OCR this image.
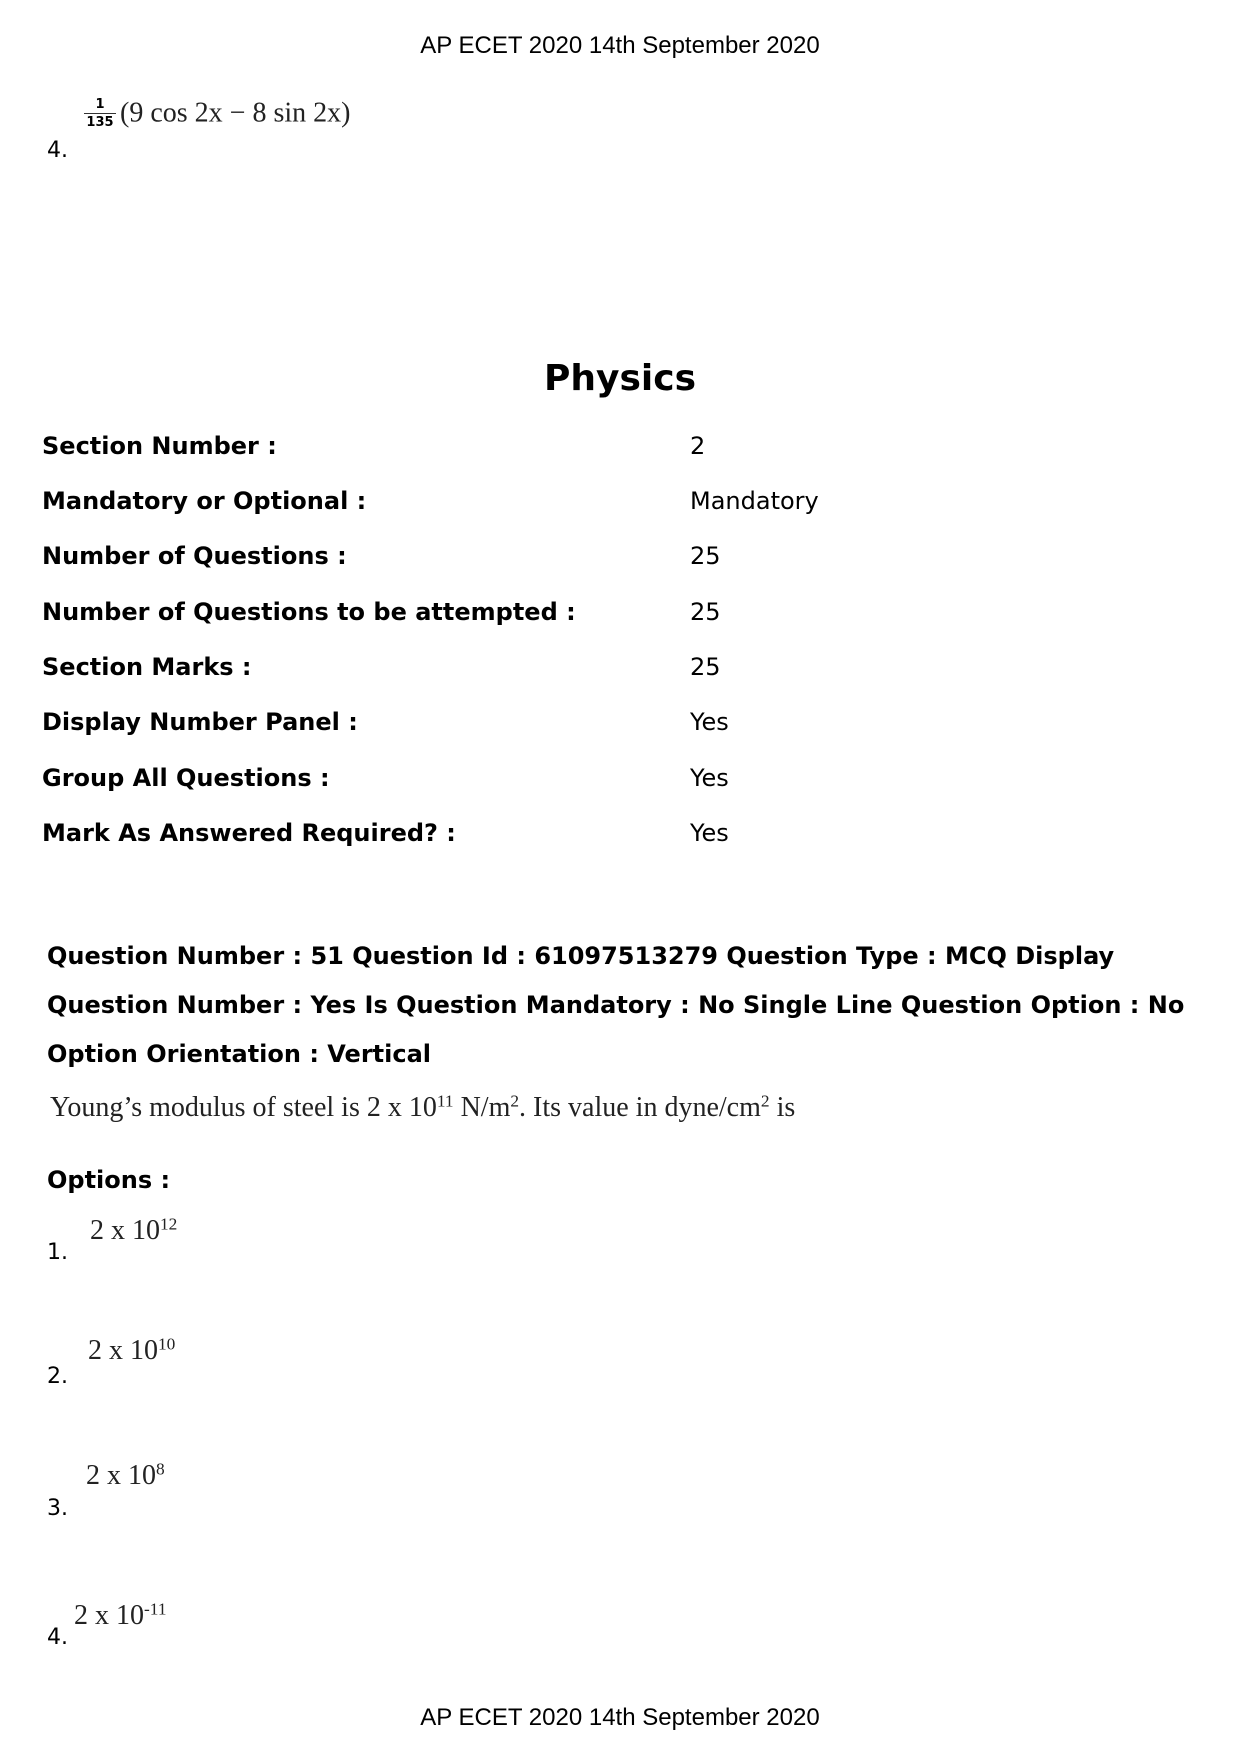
AP ECET 2020 14th September 2020
4.
$\frac{1}{135} (9$ cos 2x − 8 sin 2x)
Physics
Section Number :	2
Mandatory or Optional :	Mandatory
Number of Questions :	25
Number of Questions to be attempted :	25
Section Marks :	25
Display Number Panel :	Yes
Group All Questions :	Yes
Mark As Answered Required? :	Yes
Question Number : 51 Question Id : 61097513279 Question Type : MCQ Display Question Number : Yes Is Question Mandatory : No Single Line Question Option : No Option Orientation : Vertical
Young’s modulus of steel is 2 x $10^{11}$ $N/m^2$. Its value in dyne/$cm^2$ is
Options :
1.
2 x $10^{12}$
2.
2 x $10^{10}$
3.
2 x $10^8$
4.
2 x $10^{-11}$
AP ECET 2020 14th September 2020
